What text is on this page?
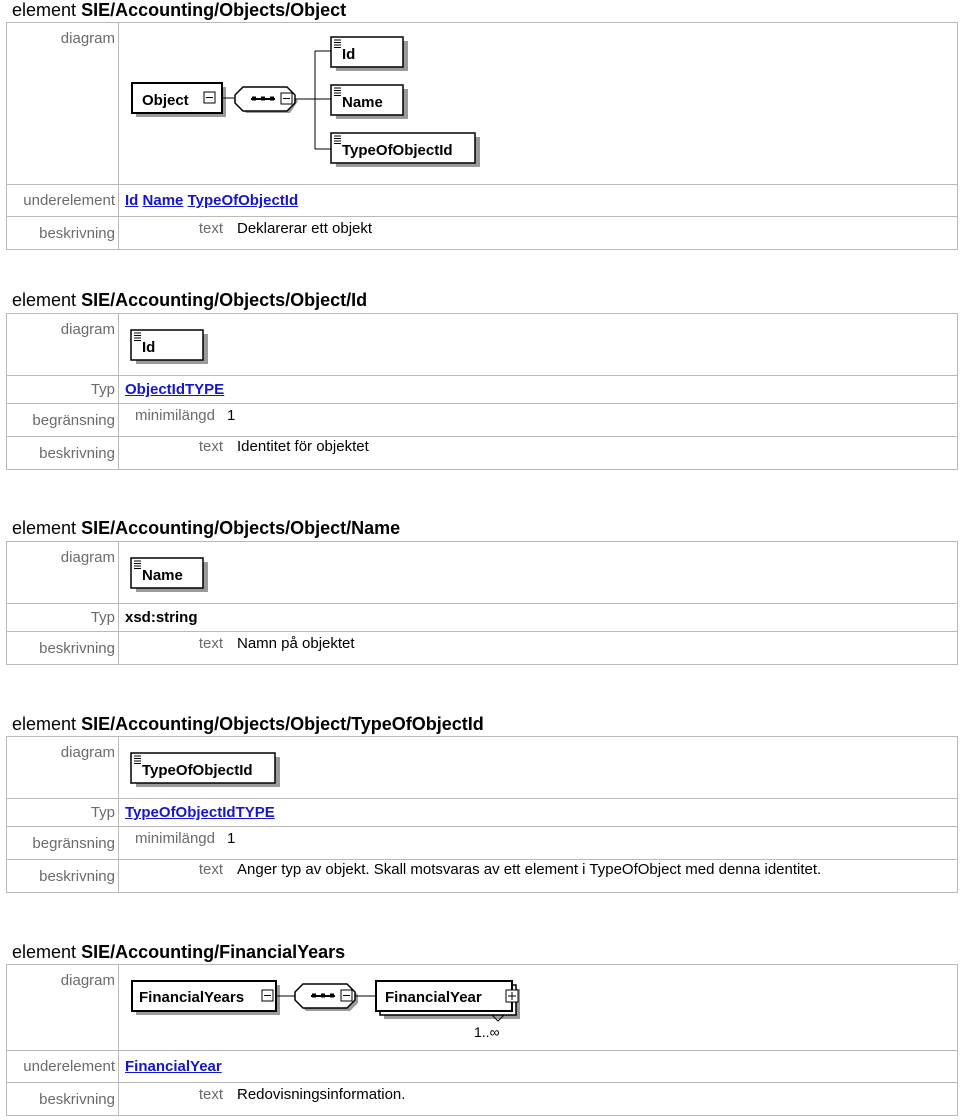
element SIE/Accounting/Objects/Object
diagram	Object
Id
Name
TypeOfObjectId

underelement	Id Name TypeOfObjectId
beskrivning	text Deklarerar ett objekt
element SIE/Accounting/Objects/Object/Id
diagram	Id

Typ	ObjectIdTYPE
begränsning	minimilängd 1

beskrivning	text Identitet för objektet
element SIE/Accounting/Objects/Object/Name
diagram	Name

Typ	xsd:string
beskrivning	text Namn på objektet
element SIE/Accounting/Objects/Object/TypeOfObjectId
diagram	TypeOfObjectId

Typ	TypeOfObjectIdTYPE
begränsning	minimilängd 1

beskrivning	text Anger typ av objekt. Skall motsvaras av ett element i TypeOfObject med denna identitet.
element SIE/Accounting/FinancialYears
diagram	FinancialYears FinancialYear
1..∞

underelement	FinancialYear
beskrivning	text Redovisningsinformation.
